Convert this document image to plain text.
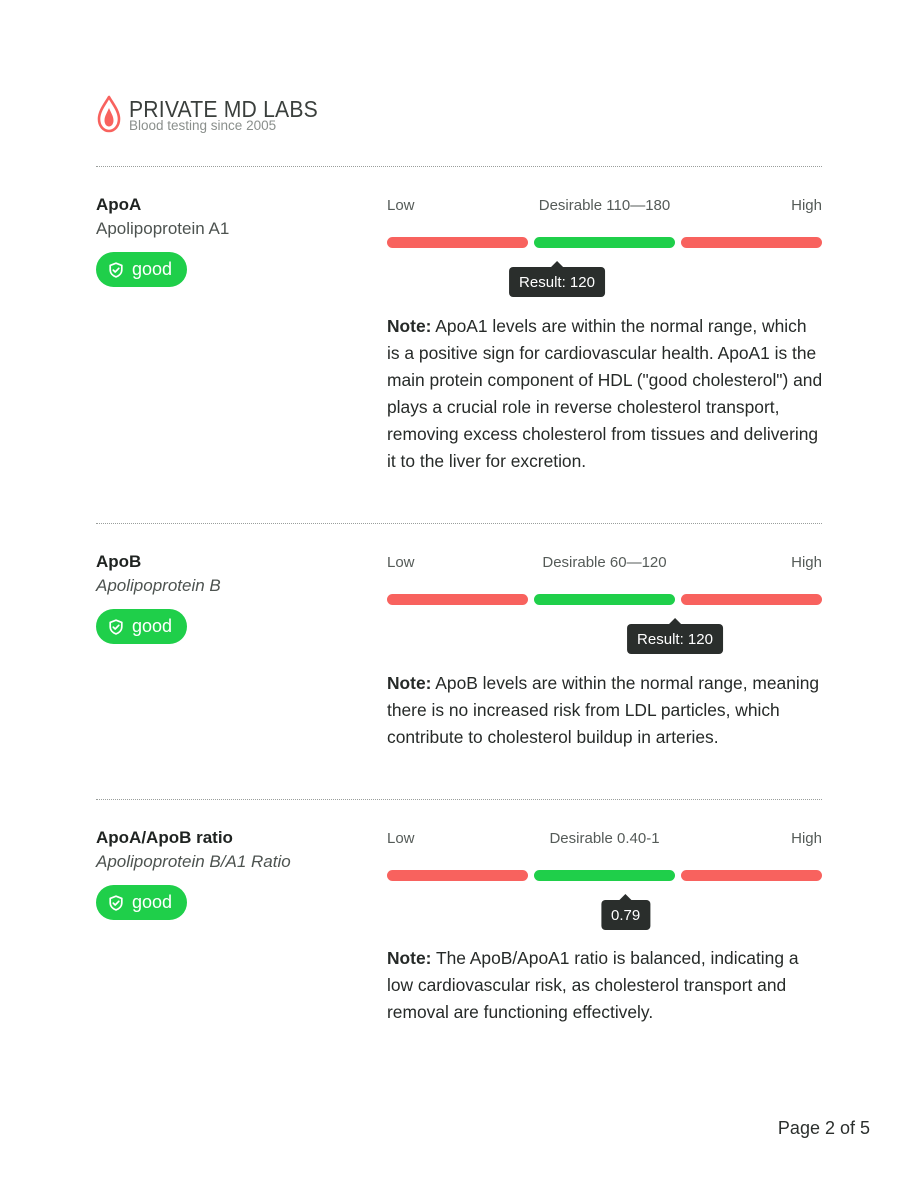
PRIVATE MD LABS
Blood testing since 2005
ApoA
Apolipoprotein A1
good
Low	Desirable 110—180	High
Result: 120

Note: ApoA1 levels are within the normal range, which is a positive sign for cardiovascular health. ApoA1 is the main protein component of HDL ("good cholesterol") and plays a crucial role in reverse cholesterol transport, removing excess cholesterol from tissues and delivering it to the liver for excretion.

ApoB
Apolipoprotein B
good
Low	Desirable 60—120	High
Result: 120

Note: ApoB levels are within the normal range, meaning there is no increased risk from LDL particles, which contribute to cholesterol buildup in arteries.

ApoA/ApoB ratio
Apolipoprotein B/A1 Ratio
good
Low	Desirable 0.40-1	High
0.79

Note: The ApoB/ApoA1 ratio is balanced, indicating a low cardiovascular risk, as cholesterol transport and removal are functioning effectively.

Page 2 of 5
